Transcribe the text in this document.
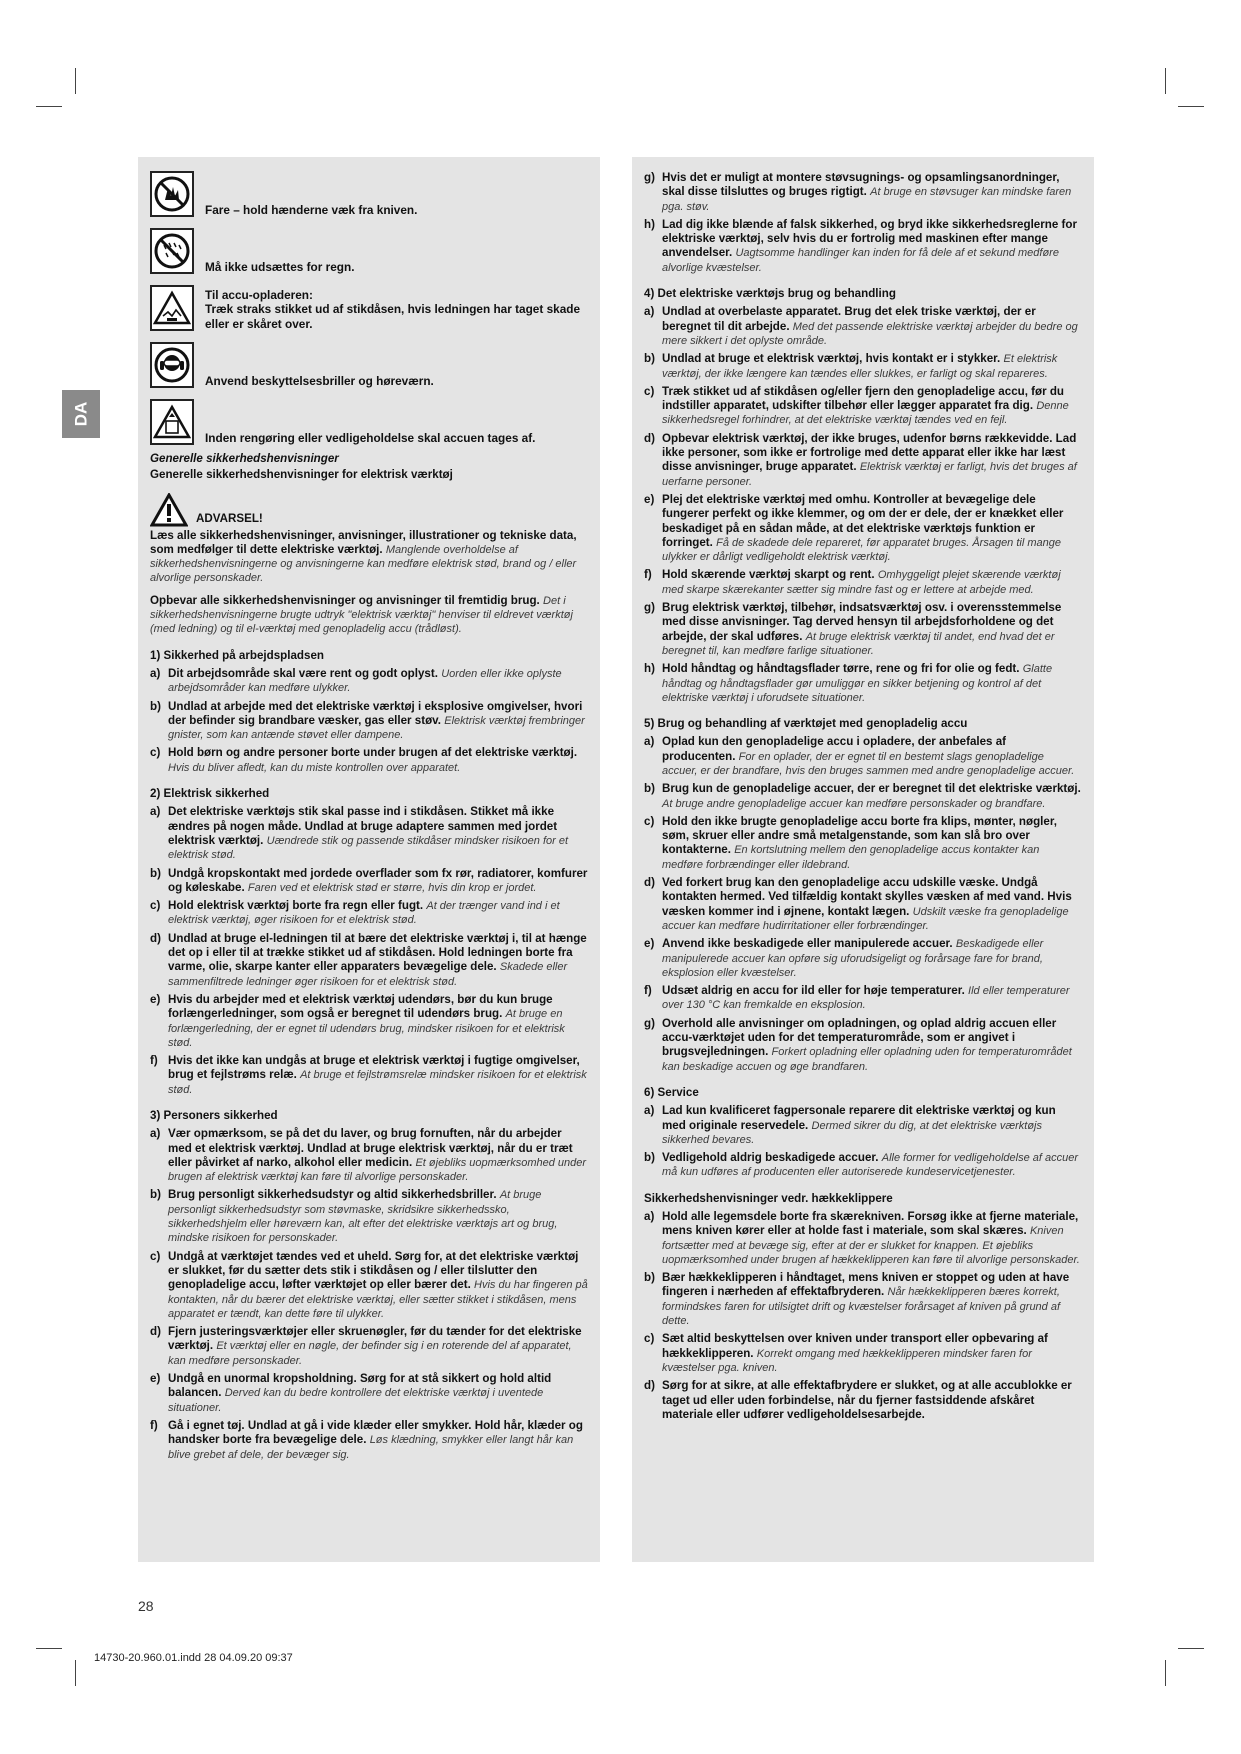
DA
Fare – hold hænderne væk fra kniven.
Må ikke udsættes for regn.
Til accu-opladeren:
Træk straks stikket ud af stikdåsen, hvis ledningen har taget skade eller er skåret over.
Anvend beskyttelsesbriller og høreværn.
Inden rengøring eller vedligeholdelse skal accuen tages af.
Generelle sikkerhedshenvisninger
Generelle sikkerhedshenvisninger for elektrisk værktøj
ADVARSEL!
Læs alle sikkerhedshenvisninger, anvisninger, illustrationer og tekniske data, som medfølger til dette elektriske værktøj. Manglende overholdelse af sikkerhedshenvisningerne og anvisningerne kan medføre elektrisk stød, brand og / eller alvorlige personskader.
Opbevar alle sikkerhedshenvisninger og anvisninger til fremtidig brug. Det i sikkerhedshenvisningerne brugte udtryk "elektrisk værktøj" henviser til eldrevet værktøj (med ledning) og til el-værktøj med genopladelig accu (trådløst).
1) Sikkerhed på arbejdspladsen
a) Dit arbejdsområde skal være rent og godt oplyst. Uorden eller ikke oplyste arbejdsområder kan medføre ulykker.
b) Undlad at arbejde med det elektriske værktøj i eksplosive omgivelser, hvori der befinder sig brandbare væsker, gas eller støv. Elektrisk værktøj frembringer gnister, som kan antænde støvet eller dampene.
c) Hold børn og andre personer borte under brugen af det elektriske værktøj. Hvis du bliver afledt, kan du miste kontrollen over apparatet.
2) Elektrisk sikkerhed
a) Det elektriske værktøjs stik skal passe ind i stikdåsen. Stikket må ikke ændres på nogen måde. Undlad at bruge adaptere sammen med jordet elektrisk værktøj. Uændrede stik og passende stikdåser mindsker risikoen for et elektrisk stød.
b) Undgå kropskontakt med jordede overflader som fx rør, radiatorer, komfurer og køleskabe. Faren ved et elektrisk stød er større, hvis din krop er jordet.
c) Hold elektrisk værktøj borte fra regn eller fugt. At der trænger vand ind i et elektrisk værktøj, øger risikoen for et elektrisk stød.
d) Undlad at bruge el-ledningen til at bære det elektriske værktøj i, til at hænge det op i eller til at trække stikket ud af stikdåsen. Hold ledningen borte fra varme, olie, skarpe kanter eller apparaters bevægelige dele. Skadede eller sammenfiltrede ledninger øger risikoen for et elektrisk stød.
e) Hvis du arbejder med et elektrisk værktøj udendørs, bør du kun bruge forlængerledninger, som også er beregnet til udendørs brug. At bruge en forlængerledning, der er egnet til udendørs brug, mindsker risikoen for et elektrisk stød.
f) Hvis det ikke kan undgås at bruge et elektrisk værktøj i fugtige omgivelser, brug et fejlstrøms relæ. At bruge et fejlstrømsrelæ mindsker risikoen for et elektrisk stød.
3) Personers sikkerhed
a) Vær opmærksom, se på det du laver, og brug fornuften, når du arbejder med et elektrisk værktøj. Undlad at bruge elektrisk værktøj, når du er træt eller påvirket af narko, alkohol eller medicin. Et øjebliks uopmærksomhed under brugen af elektrisk værktøj kan føre til alvorlige personskader.
b) Brug personligt sikkerhedsudstyr og altid sikkerhedsbriller. At bruge personligt sikkerhedsudstyr som støvmaske, skridsikre sikkerhedssko, sikkerhedshjelm eller høreværn kan, alt efter det elektriske værktøjs art og brug, mindske risikoen for personskader.
c) Undgå at værktøjet tændes ved et uheld. Sørg for, at det elektriske værktøj er slukket, før du sætter dets stik i stikdåsen og / eller tilslutter den genopladelige accu, løfter værktøjet op eller bærer det. Hvis du har fingeren på kontakten, når du bærer det elektriske værktøj, eller sætter stikket i stikdåsen, mens apparatet er tændt, kan dette føre til ulykker.
d) Fjern justeringsværktøjer eller skruenøgler, før du tænder for det elektriske værktøj. Et værktøj eller en nøgle, der befinder sig i en roterende del af apparatet, kan medføre personskader.
e) Undgå en unormal kropsholdning. Sørg for at stå sikkert og hold altid balancen. Derved kan du bedre kontrollere det elektriske værktøj i uventede situationer.
f) Gå i egnet tøj. Undlad at gå i vide klæder eller smykker. Hold hår, klæder og handsker borte fra bevægelige dele. Løs klædning, smykker eller langt hår kan blive grebet af dele, der bevæger sig.
g) Hvis det er muligt at montere støvsugnings- og opsamlingsanordninger, skal disse tilsluttes og bruges rigtigt. At bruge en støvsuger kan mindske faren pga. støv.
h) Lad dig ikke blænde af falsk sikkerhed, og bryd ikke sikkerhedsreglerne for elektriske værktøj, selv hvis du er fortrolig med maskinen efter mange anvendelser. Uagtsomme handlinger kan inden for få dele af et sekund medføre alvorlige kvæstelser.
4) Det elektriske værktøjs brug og behandling
a) Undlad at overbelaste apparatet. Brug det elek triske værktøj, der er beregnet til dit arbejde. Med det passende elektriske værktøj arbejder du bedre og mere sikkert i det oplyste område.
b) Undlad at bruge et elektrisk værktøj, hvis kontakt er i stykker. Et elektrisk værktøj, der ikke længere kan tændes eller slukkes, er farligt og skal repareres.
c) Træk stikket ud af stikdåsen og/eller fjern den genopladelige accu, før du indstiller apparatet, udskifter tilbehør eller lægger apparatet fra dig. Denne sikkerhedsregel forhindrer, at det elektriske værktøj tændes ved en fejl.
d) Opbevar elektrisk værktøj, der ikke bruges, udenfor børns rækkevidde. Lad ikke personer, som ikke er fortrolige med dette apparat eller ikke har læst disse anvisninger, bruge apparatet. Elektrisk værktøj er farligt, hvis det bruges af uerfarne personer.
e) Plej det elektriske værktøj med omhu. Kontroller at bevægelige dele fungerer perfekt og ikke klemmer, og om der er dele, der er knækket eller beskadiget på en sådan måde, at det elektriske værktøjs funktion er forringet. Få de skadede dele repareret, før apparatet bruges. Årsagen til mange ulykker er dårligt vedligeholdt elektrisk værktøj.
f) Hold skærende værktøj skarpt og rent. Omhyggeligt plejet skærende værktøj med skarpe skærekanter sætter sig mindre fast og er lettere at arbejde med.
g) Brug elektrisk værktøj, tilbehør, indsatsværktøj osv. i overensstemmelse med disse anvisninger. Tag derved hensyn til arbejdsforholdene og det arbejde, der skal udføres. At bruge elektrisk værktøj til andet, end hvad det er beregnet til, kan medføre farlige situationer.
h) Hold håndtag og håndtagsflader tørre, rene og fri for olie og fedt. Glatte håndtag og håndtagsflader gør umuliggør en sikker betjening og kontrol af det elektriske værktøj i uforudsete situationer.
5) Brug og behandling af værktøjet med genopladelig accu
a) Oplad kun den genopladelige accu i opladere, der anbefales af producenten. For en oplader, der er egnet til en bestemt slags genopladelige accuer, er der brandfare, hvis den bruges sammen med andre genopladelige accuer.
b) Brug kun de genopladelige accuer, der er beregnet til det elektriske værktøj. At bruge andre genopladelige accuer kan medføre personskader og brandfare.
c) Hold den ikke brugte genopladelige accu borte fra klips, mønter, nøgler, søm, skruer eller andre små metalgenstande, som kan slå bro over kontakterne. En kortslutning mellem den genopladelige accus kontakter kan medføre forbrændinger eller ildebrand.
d) Ved forkert brug kan den genopladelige accu udskille væske. Undgå kontakten hermed. Ved tilfældig kontakt skylles væsken af med vand. Hvis væsken kommer ind i øjnene, kontakt lægen. Udskilt væske fra genopladelige accuer kan medføre hudirritationer eller forbrændinger.
e) Anvend ikke beskadigede eller manipulerede accuer. Beskadigede eller manipulerede accuer kan opføre sig uforudsigeligt og forårsage fare for brand, eksplosion eller kvæstelser.
f) Udsæt aldrig en accu for ild eller for høje temperaturer. Ild eller temperaturer over 130 °C kan fremkalde en eksplosion.
g) Overhold alle anvisninger om opladningen, og oplad aldrig accuen eller accu-værktøjet uden for det temperaturområde, som er angivet i brugsvejledningen. Forkert opladning eller opladning uden for temperaturområdet kan beskadige accuen og øge brandfaren.
6) Service
a) Lad kun kvalificeret fagpersonale reparere dit elektriske værktøj og kun med originale reservedele. Dermed sikrer du dig, at det elektriske værktøjs sikkerhed bevares.
b) Vedligehold aldrig beskadigede accuer. Alle former for vedligeholdelse af accuer må kun udføres af producenten eller autoriserede kundeservicetjenester.
Sikkerhedshenvisninger vedr. hækkeklippere
a) Hold alle legemsdele borte fra skærekniven. Forsøg ikke at fjerne materiale, mens kniven kører eller at holde fast i materiale, som skal skæres. Kniven fortsætter med at bevæge sig, efter at der er slukket for knappen. Et øjebliks uopmærksomhed under brugen af hækkeklipperen kan føre til alvorlige personskader.
b) Bær hækkeklipperen i håndtaget, mens kniven er stoppet og uden at have fingeren i nærheden af effektafbryderen. Når hækkeklipperen bæres korrekt, formindskes faren for utilsigtet drift og kvæstelser forårsaget af kniven på grund af dette.
c) Sæt altid beskyttelsen over kniven under transport eller opbevaring af hækkeklipperen. Korrekt omgang med hækkeklipperen mindsker faren for kvæstelser pga. kniven.
d) Sørg for at sikre, at alle effektafbrydere er slukket, og at alle accublokke er taget ud eller uden forbindelse, når du fjerner fastsiddende afskåret materiale eller udfører vedligeholdelsesarbejde.
28
14730-20.960.01.indd 28 04.09.20 09:37
